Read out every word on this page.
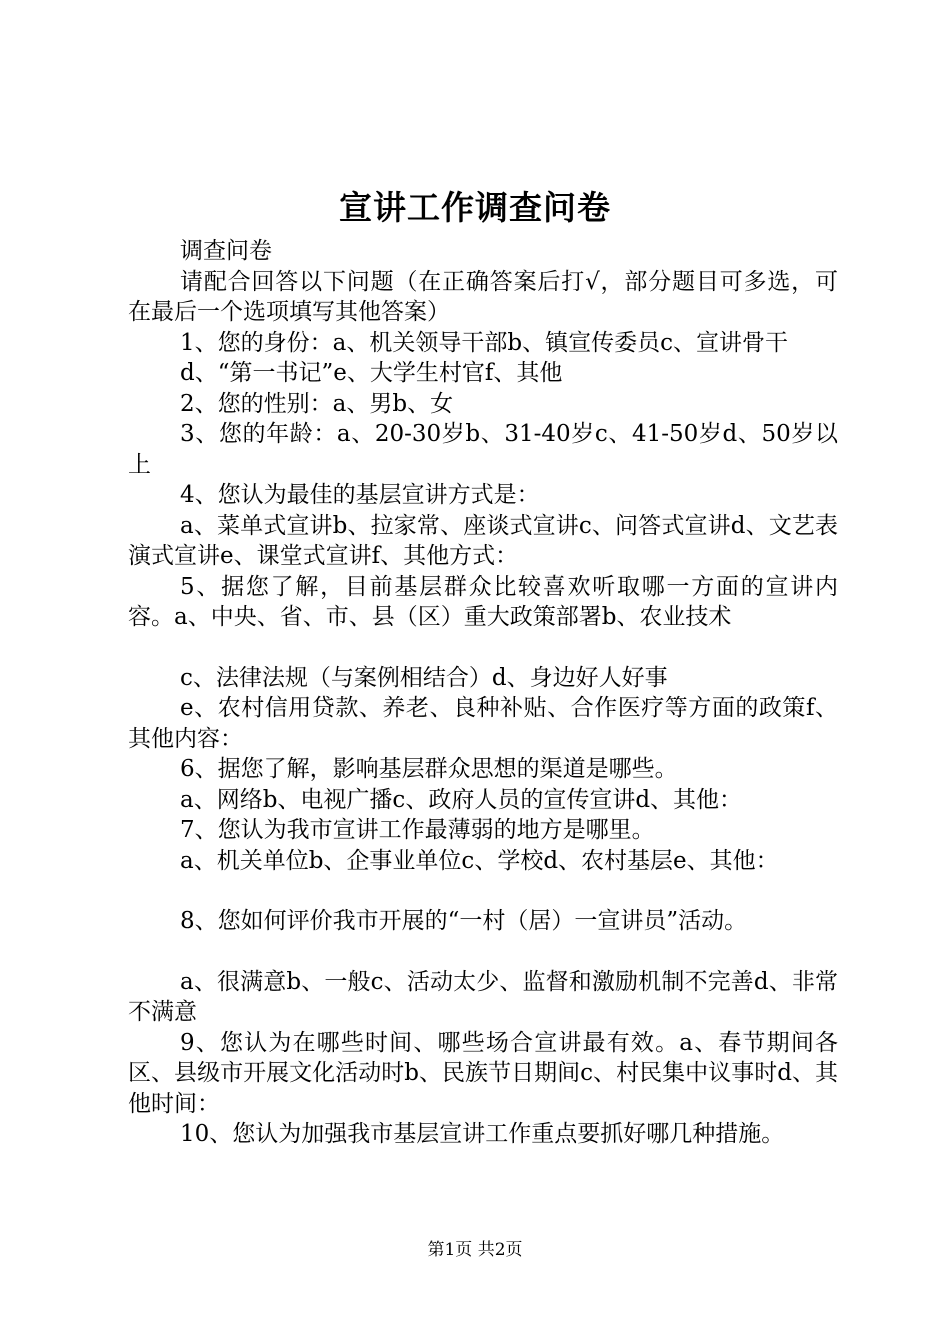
宣讲工作调查问卷

调查问卷

请配合回答以下问题（在正确答案后打√，部分题目可多选，可在最后一个选项填写其他答案）

1、您的身份：a、机关领导干部b、镇宣传委员c、宣讲骨干

d、“第一书记”e、大学生村官f、其他

2、您的性别：a、男b、女

3、您的年龄：a、20-30岁b、31-40岁c、41-50岁d、50岁以上

4、您认为最佳的基层宣讲方式是：

a、菜单式宣讲b、拉家常、座谈式宣讲c、问答式宣讲d、文艺表演式宣讲e、课堂式宣讲f、其他方式：

5、据您了解，目前基层群众比较喜欢听取哪一方面的宣讲内容。a、中央、省、市、县（区）重大政策部署b、农业技术

c、法律法规（与案例相结合）d、身边好人好事

e、农村信用贷款、养老、良种补贴、合作医疗等方面的政策f、其他内容：

6、据您了解，影响基层群众思想的渠道是哪些。

a、网络b、电视广播c、政府人员的宣传宣讲d、其他：

7、您认为我市宣讲工作最薄弱的地方是哪里。

a、机关单位b、企事业单位c、学校d、农村基层e、其他：

8、您如何评价我市开展的“一村（居）一宣讲员”活动。

a、很满意b、一般c、活动太少、监督和激励机制不完善d、非常不满意

9、您认为在哪些时间、哪些场合宣讲最有效。a、春节期间各区、县级市开展文化活动时b、民族节日期间c、村民集中议事时d、其他时间：

10、您认为加强我市基层宣讲工作重点要抓好哪几种措施。

第1页 共2页
